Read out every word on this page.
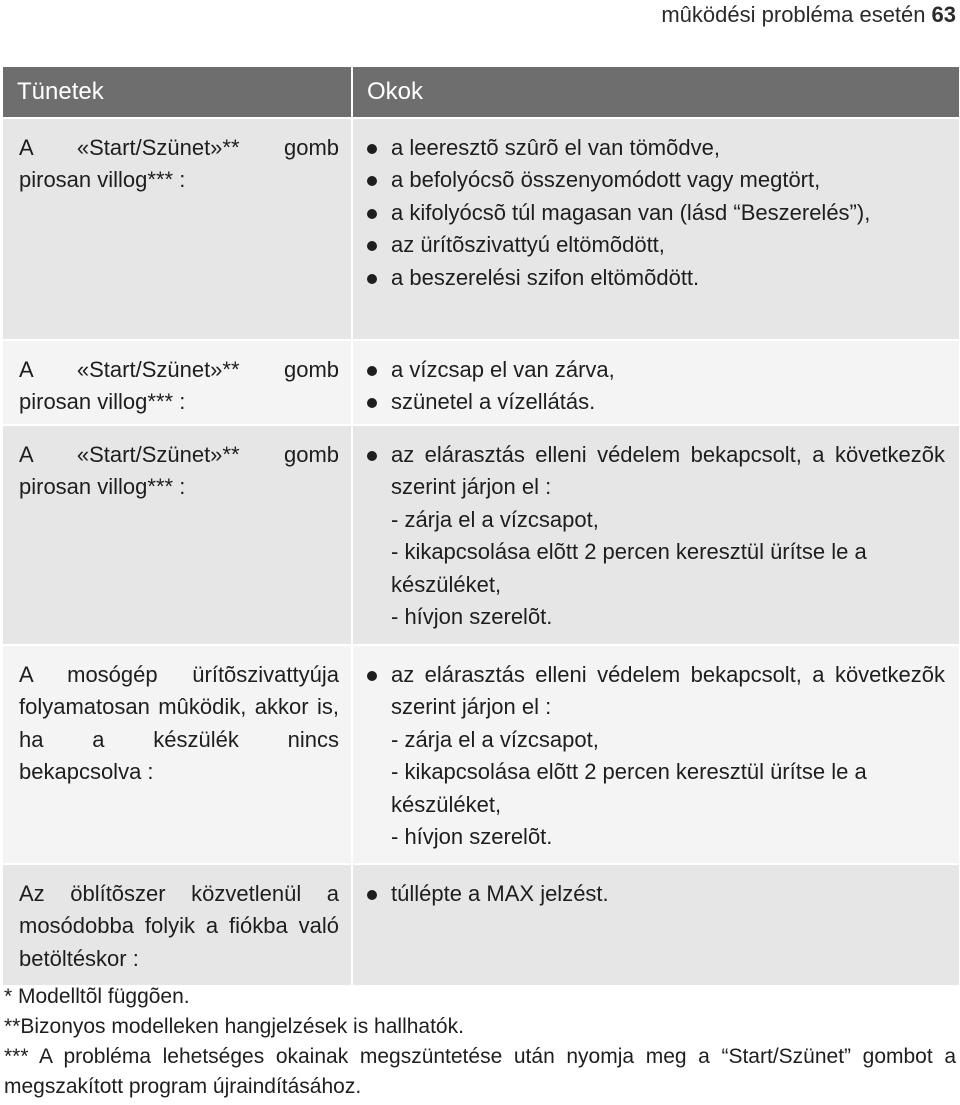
mûködési probléma esetén 63
Tünetek	Okok
A «Start/Szünet»** gomb pirosan villog*** :
a leeresztõ szûrõ el van tömõdve,
a befolyócsõ összenyomódott vagy megtört,
a kifolyócsõ túl magasan van (lásd “Beszerelés”),
az ürítõszivattyú eltömõdött,
a beszerelési szifon eltömõdött.
A «Start/Szünet»** gomb pirosan villog*** :
a vízcsap el van zárva,
szünetel a vízellátás.
A «Start/Szünet»** gomb pirosan villog*** :
az elárasztás elleni védelem bekapcsolt, a következõk szerint járjon el :
- zárja el a vízcsapot,
- kikapcsolása elõtt 2 percen keresztül ürítse le a készüléket,
- hívjon szerelõt.
A mosógép ürítõszivattyúja folyamatosan mûködik, akkor is, ha a készülék nincs bekapcsolva :
az elárasztás elleni védelem bekapcsolt, a következõk szerint járjon el :
- zárja el a vízcsapot,
- kikapcsolása elõtt 2 percen keresztül ürítse le a készüléket,
- hívjon szerelõt.
Az öblítõszer közvetlenül a mosódobba folyik a fiókba való betöltéskor :
túllépte a MAX jelzést.

* Modelltõl függõen.

**Bizonyos modelleken hangjelzések is hallhatók.

*** A probléma lehetséges okainak megszüntetése után nyomja meg a “Start/Szünet” gombot a megszakított program újraindításához.
